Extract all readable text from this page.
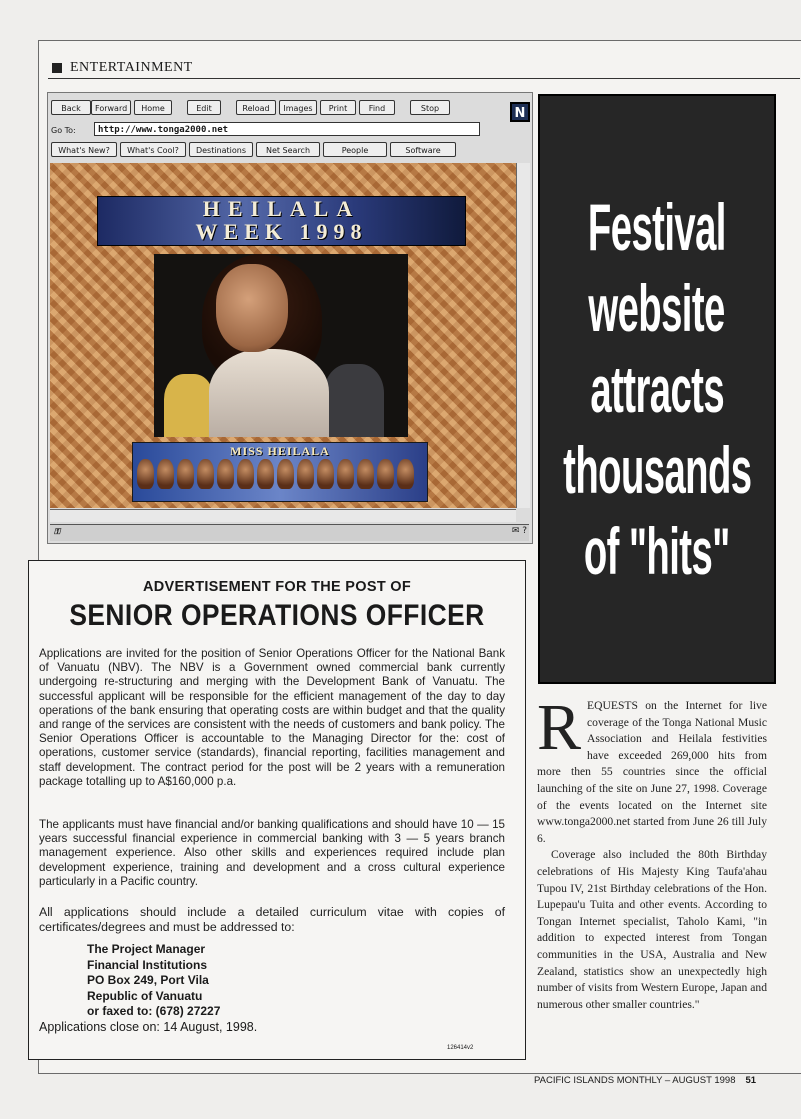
ENTERTAINMENT
Back	Forward	Home	Edit	Reload	Images	Print	Find	Stop	N
Go To:	http://www.tonga2000.net
What's New?	What's Cool?	Destinations	Net Search	People	Software
HEILALA
WEEK 1998
MISS HEILALA
⚿	✉ ?
Festival
website
attracts
thousands
of "hits"
ADVERTISEMENT FOR THE POST OF
SENIOR OPERATIONS OFFICER
Applications are invited for the position of Senior Operations Officer for the National Bank of Vanuatu (NBV). The NBV is a Government owned commercial bank currently undergoing re-structuring and merging with the Development Bank of Vanuatu. The successful applicant will be responsible for the efficient management of the day to day operations of the bank ensuring that operating costs are within budget and that the quality and range of the services are consistent with the needs of customers and bank policy. The Senior Operations Officer is accountable to the Managing Director for the: cost of operations, customer service (standards), financial reporting, facilities management and staff development. The contract period for the post will be 2 years with a remuneration package totalling up to A$160,000 p.a.
The applicants must have financial and/or banking qualifications and should have 10 — 15 years successful financial experience in commercial banking with 3 — 5 years branch management experience. Also other skills and experiences required include plan development experience, training and development and a cross cultural experience particularly in a Pacific country.
All applications should include a detailed curriculum vitae with copies of certificates/degrees and must be addressed to:
The Project Manager
Financial Institutions
PO Box 249, Port Vila
Republic of Vanuatu
or faxed to: (678) 27227
Applications close on: 14 August, 1998.
126414v2

REQUESTS on the Internet for live coverage of the Tonga National Music Association and Heilala festivities have exceeded 269,000 hits from more then 55 countries since the official launching of the site on June 27, 1998. Coverage of the events located on the Internet site www.tonga2000.net started from June 26 till July 6.

Coverage also included the 80th Birthday celebrations of His Majesty King Taufa'ahau Tupou IV, 21st Birthday celebrations of the Hon. Lupepau'u Tuita and other events. According to Tongan Internet specialist, Taholo Kami, "in addition to expected interest from Tongan communities in the USA, Australia and New Zealand, statistics show an unexpectedly high number of visits from Western Europe, Japan and numerous other smaller countries."

PACIFIC ISLANDS MONTHLY – AUGUST 1998 51
